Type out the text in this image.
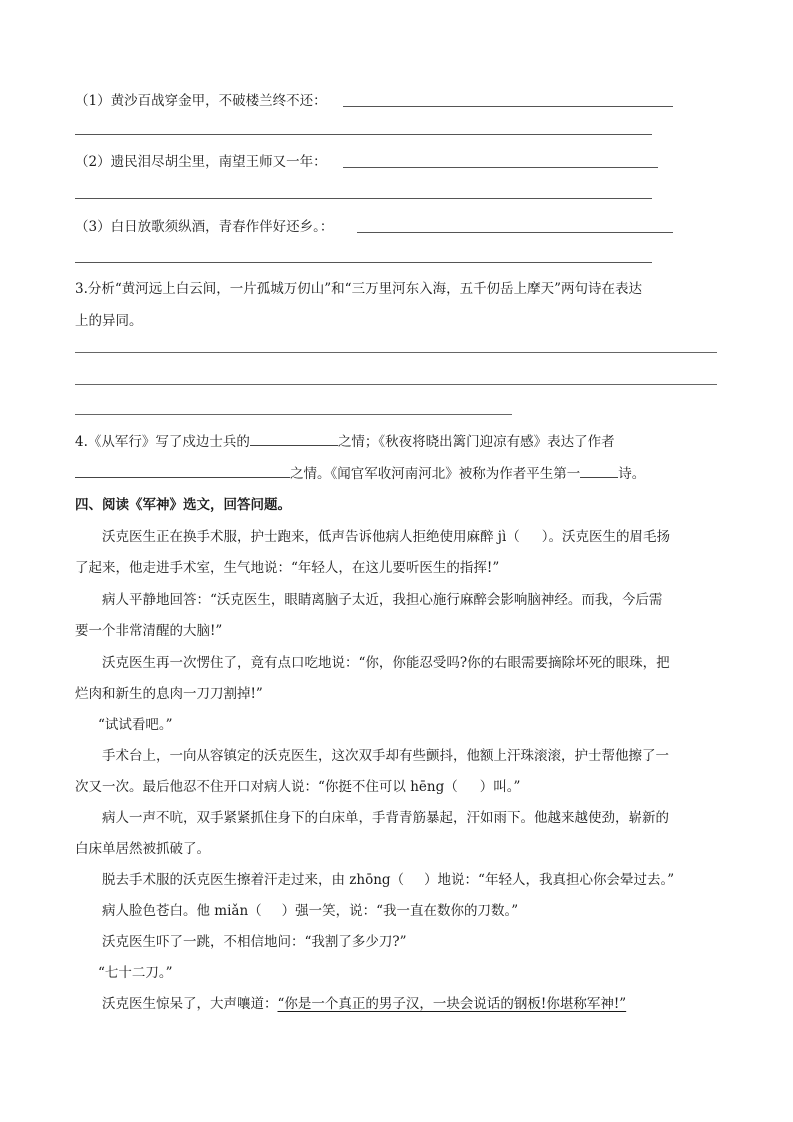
（1）黄沙百战穿金甲，不破楼兰终不还：
（2）遗民泪尽胡尘里，南望王师又一年：
（3）白日放歌须纵酒，青春作伴好还乡。：
3.分析“黄河远上白云间，一片孤城万仞山”和“三万里河东入海，五千仞岳上摩天”两句诗在表达
上的异同。
4.《从军行》写了戍边士兵的	之情；《秋夜将晓出篱门迎凉有感》表达了作者
之情。《闻官军收河南河北》被称为作者平生第一	诗。
四、阅读《军神》选文，回答问题。
沃克医生正在换手术服，护士跑来，低声告诉他病人拒绝使用麻醉 jì（ ）。沃克医生的眉毛扬
了起来，他走进手术室，生气地说：“年轻人，在这儿要听医生的指挥!”
病人平静地回答：“沃克医生，眼睛离脑子太近，我担心施行麻醉会影响脑神经。而我，今后需
要一个非常清醒的大脑!”
沃克医生再一次愣住了，竟有点口吃地说：“你，你能忍受吗?你的右眼需要摘除坏死的眼珠，把
烂肉和新生的息肉一刀刀割掉!”
“试试看吧。”
手术台上，一向从容镇定的沃克医生，这次双手却有些颤抖，他额上汗珠滚滚，护士帮他擦了一
次又一次。最后他忍不住开口对病人说：“你挺不住可以 hēng（ ）叫。”
病人一声不吭，双手紧紧抓住身下的白床单，手背青筋暴起，汗如雨下。他越来越使劲，崭新的
白床单居然被抓破了。
脱去手术服的沃克医生擦着汗走过来，由 zhōng（ ）地说：“年轻人，我真担心你会晕过去。”
病人脸色苍白。他 miǎn（ ）强一笑，说：“我一直在数你的刀数。”
沃克医生吓了一跳，不相信地问：“我割了多少刀?”
“七十二刀。”
沃克医生惊呆了，大声嚷道：“你是一个真正的男子汉，一块会说话的钢板!你堪称军神!”
